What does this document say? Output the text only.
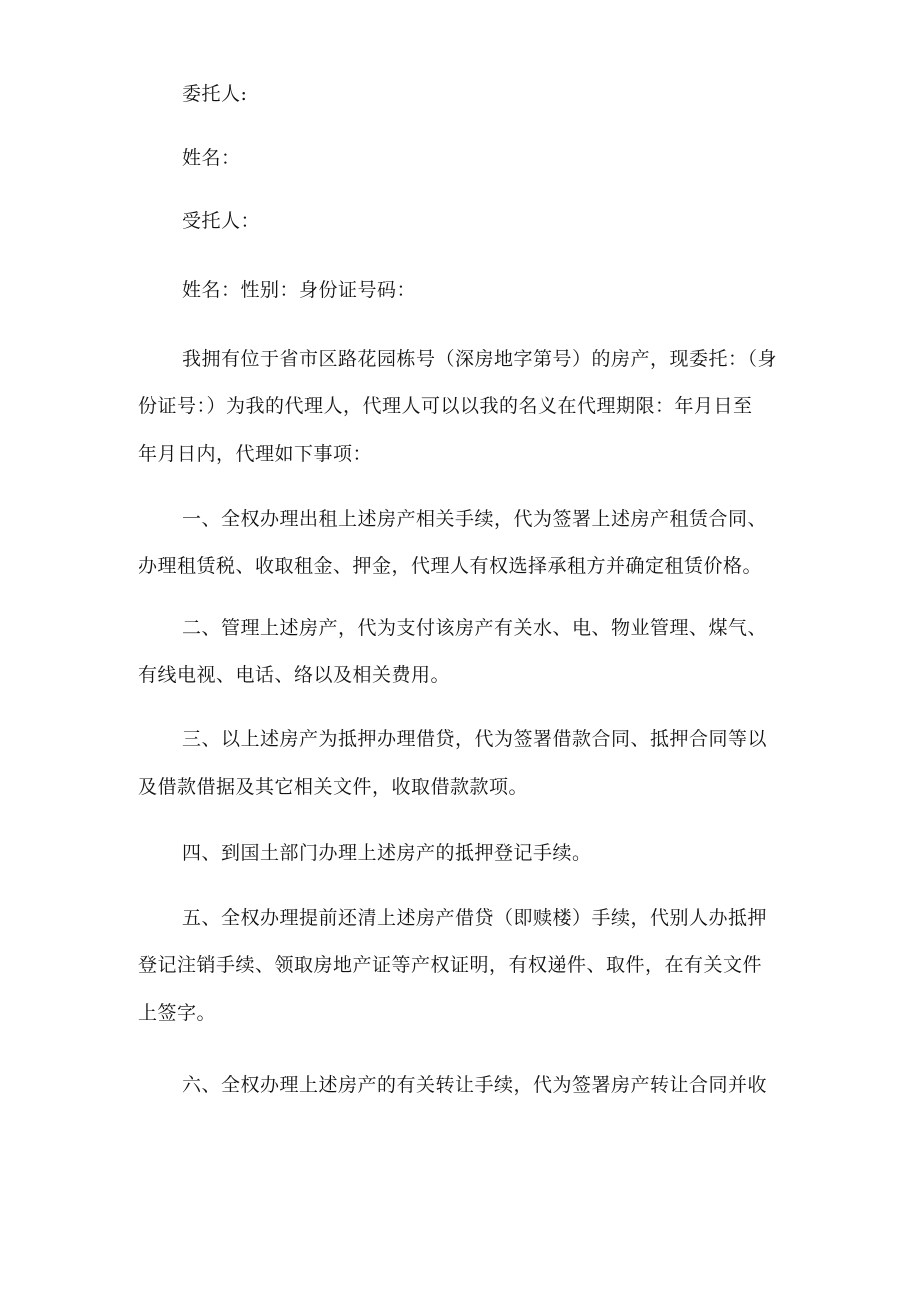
委托人:
姓名：
受托人：
姓名：性别：身份证号码：
我拥有位于省市区路花园栋号（深房地字第号）的房产，现委托：（身
份证号：）为我的代理人，代理人可以以我的名义在代理期限：年月日至
年月日内，代理如下事项：
一、全权办理出租上述房产相关手续，代为签署上述房产租赁合同、
办理租赁税、收取租金、押金，代理人有权选择承租方并确定租赁价格。
二、管理上述房产，代为支付该房产有关水、电、物业管理、煤气、
有线电视、电话、络以及相关费用。
三、以上述房产为抵押办理借贷，代为签署借款合同、抵押合同等以
及借款借据及其它相关文件，收取借款款项。
四、到国土部门办理上述房产的抵押登记手续。
五、全权办理提前还清上述房产借贷（即赎楼）手续，代别人办抵押
登记注销手续、领取房地产证等产权证明，有权递件、取件，在有关文件
上签字。
六、全权办理上述房产的有关转让手续，代为签署房产转让合同并收
